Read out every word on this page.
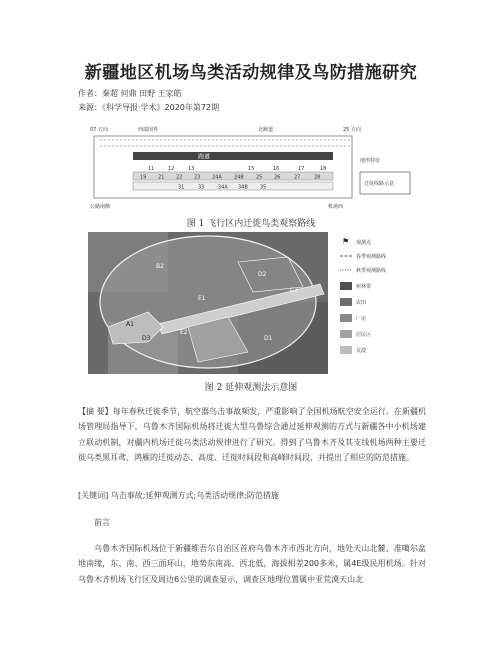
新疆地区机场鸟类活动规律及鸟防措施研究
作者：秦超 何鼎 田野 王家皓
来源：《科学导报·学术》2020年第72期
07 方向	西端围界	北跑道	25 方向
跑道
11	12	13	15	16	17	18
19 21 22 23 24A 24B 25 26	27	28
31	33	34A 34B 35
迁徙线路示意
地形特征
公路南侧	机场西
图 1 飞行区内迁徙鸟类观察路线
B2
D2
C3
E1
A1
D3
E2
D1
⚑ 观测点
春季观测路线
秋季观测路线
树林带
农田
厂房
居民区
荒漠
图 2 延伸观测法示意图
【摘 要】每年春秋迁徙季节，航空器鸟击事故频发，严重影响了全国机场航空安全运行。在新疆机场管理局指导下，乌鲁木齐国际机场将迁徙大型乌鲁综合通过延伸观测的方式与新疆各中小机场建立联动机制，对疆内机场迁徙乌类活动规律进行了研究。得到了乌鲁木齐及其支线机场两种主要迁徙乌类黑耳鸢、鸿雁的迁徙动态、高度、迁徙时间段和高峰时间段，并提出了相应的防范措施。
[关键词] 乌击事故;延伸观测方式;乌类活动规律;防范措施
前言
乌鲁木齐国际机场位于新疆维吾尔自治区首府乌鲁木齐市西北方向，地处天山北麓、准噶尔盆地南缘，东、南、西三面环山，地势东南高、西北低，海拔相差200多米，属4E级民用机场。针对乌鲁木齐机场飞行区及周边6公里的调查显示，调查区地理位置属中亚荒漠天山北
